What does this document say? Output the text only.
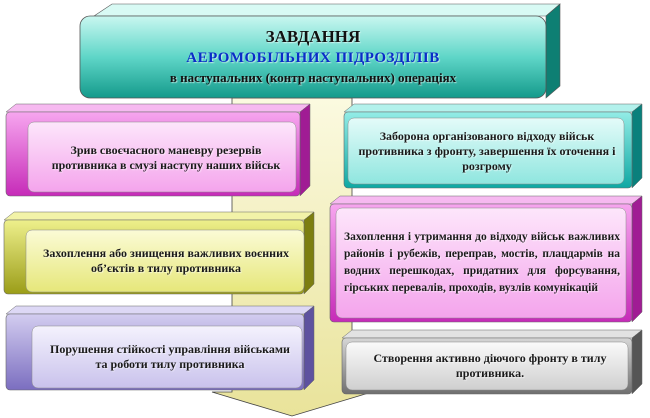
ЗАВДАННЯ
АЕРОМОБІЛЬНИХ ПІДРОЗДІЛІВ
в наступальних (контр наступальних) операціях
Зрив своєчасного маневру резервів противника в смузі наступу наших військ
Захоплення або знищення важливих воєнних об’єктів в тилу противника
Порушення стійкості управління військами та роботи тилу противника
Заборона організованого відходу військ противника з фронту, завершення їх оточення і розгрому
Захоплення і утримання до відходу військ важливих районів і рубежів, переправ, мостів, плацдармів на водних перешкодах, придатних для форсування, гірських перевалів, проходів, вузлів комунікацій
Створення активно діючого фронту в тилу противника.
